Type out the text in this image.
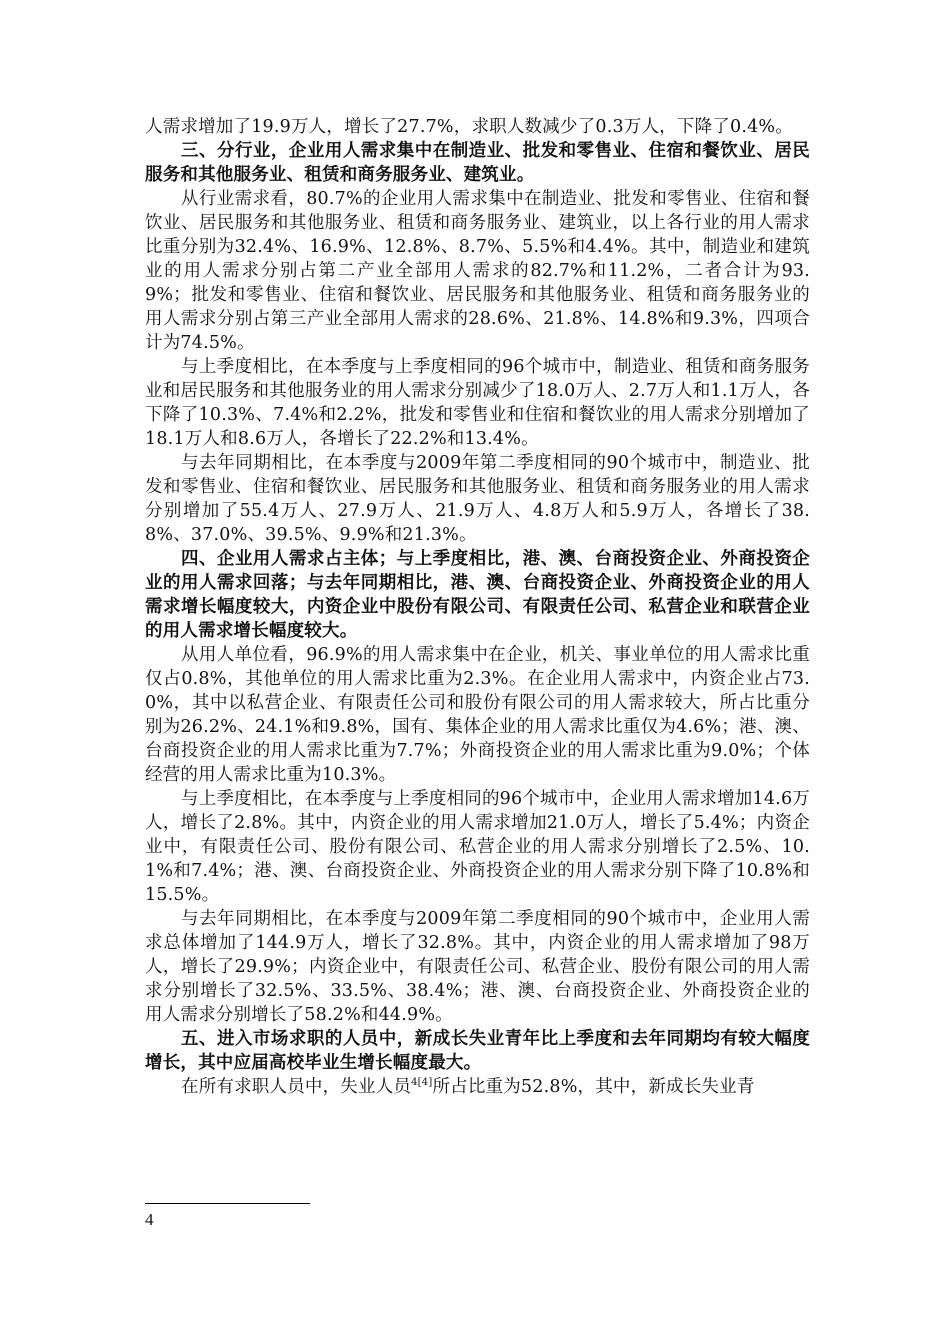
人需求增加了19.9万人，增长了27.7%，求职人数减少了0.3万人，下降了0.4%。

三、分行业，企业用人需求集中在制造业、批发和零售业、住宿和餐饮业、居民服务和其他服务业、租赁和商务服务业、建筑业。

从行业需求看，80.7%的企业用人需求集中在制造业、批发和零售业、住宿和餐饮业、居民服务和其他服务业、租赁和商务服务业、建筑业，以上各行业的用人需求比重分别为32.4%、16.9%、12.8%、8.7%、5.5%和4.4%。其中，制造业和建筑业的用人需求分别占第二产业全部用人需求的82.7%和11.2%，二者合计为93.9%；批发和零售业、住宿和餐饮业、居民服务和其他服务业、租赁和商务服务业的用人需求分别占第三产业全部用人需求的28.6%、21.8%、14.8%和9.3%，四项合计为74.5%。

与上季度相比，在本季度与上季度相同的96个城市中，制造业、租赁和商务服务业和居民服务和其他服务业的用人需求分别减少了18.0万人、2.7万人和1.1万人，各下降了10.3%、7.4%和2.2%，批发和零售业和住宿和餐饮业的用人需求分别增加了18.1万人和8.6万人，各增长了22.2%和13.4%。

与去年同期相比，在本季度与2009年第二季度相同的90个城市中，制造业、批发和零售业、住宿和餐饮业、居民服务和其他服务业、租赁和商务服务业的用人需求分别增加了55.4万人、27.9万人、21.9万人、4.8万人和5.9万人，各增长了38.8%、37.0%、39.5%、9.9%和21.3%。

四、企业用人需求占主体；与上季度相比，港、澳、台商投资企业、外商投资企业的用人需求回落；与去年同期相比，港、澳、台商投资企业、外商投资企业的用人需求增长幅度较大，内资企业中股份有限公司、有限责任公司、私营企业和联营企业的用人需求增长幅度较大。

从用人单位看，96.9%的用人需求集中在企业，机关、事业单位的用人需求比重仅占0.8%，其他单位的用人需求比重为2.3%。在企业用人需求中，内资企业占73.0%，其中以私营企业、有限责任公司和股份有限公司的用人需求较大，所占比重分别为26.2%、24.1%和9.8%，国有、集体企业的用人需求比重仅为4.6%；港、澳、台商投资企业的用人需求比重为7.7%；外商投资企业的用人需求比重为9.0%；个体经营的用人需求比重为10.3%。

与上季度相比，在本季度与上季度相同的96个城市中，企业用人需求增加14.6万人，增长了2.8%。其中，内资企业的用人需求增加21.0万人，增长了5.4%；内资企业中，有限责任公司、股份有限公司、私营企业的用人需求分别增长了2.5%、10.1%和7.4%；港、澳、台商投资企业、外商投资企业的用人需求分别下降了10.8%和15.5%。

与去年同期相比，在本季度与2009年第二季度相同的90个城市中，企业用人需求总体增加了144.9万人，增长了32.8%。其中，内资企业的用人需求增加了98万人，增长了29.9%；内资企业中，有限责任公司、私营企业、股份有限公司的用人需求分别增长了32.5%、33.5%、38.4%；港、澳、台商投资企业、外商投资企业的用人需求分别增长了58.2%和44.9%。

五、进入市场求职的人员中，新成长失业青年比上季度和去年同期均有较大幅度增长，其中应届高校毕业生增长幅度最大。

在所有求职人员中，失业人员$^{4[4]}$所占比重为52.8%，其中，新成长失业青

4
